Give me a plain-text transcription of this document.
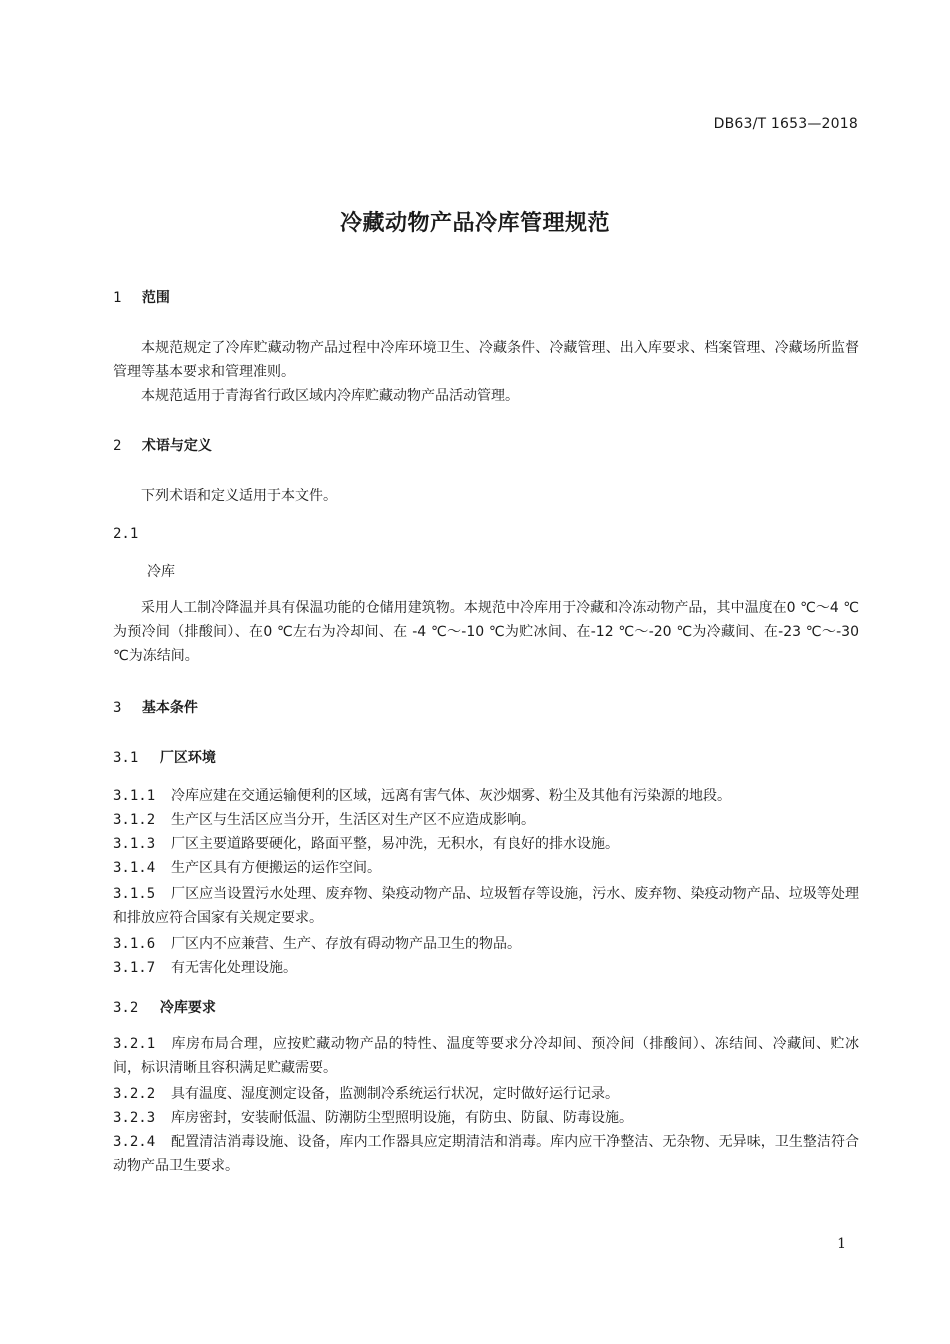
DB63/T 1653—2018
冷藏动物产品冷库管理规范
1 范围
本规范规定了冷库贮藏动物产品过程中冷库环境卫生、冷藏条件、冷藏管理、出入库要求、档案管理、冷藏场所监督管理等基本要求和管理准则。
本规范适用于青海省行政区域内冷库贮藏动物产品活动管理。
2 术语与定义
下列术语和定义适用于本文件。
2.1
冷库
采用人工制冷降温并具有保温功能的仓储用建筑物。本规范中冷库用于冷藏和冷冻动物产品，其中温度在0 ℃～4 ℃为预冷间（排酸间）、在0 ℃左右为冷却间、在 -4 ℃～-10 ℃为贮冰间、在-12 ℃～-20 ℃为冷藏间、在-23 ℃～-30 ℃为冻结间。
3 基本条件
3.1 厂区环境
3.1.1 冷库应建在交通运输便利的区域，远离有害气体、灰沙烟雾、粉尘及其他有污染源的地段。
3.1.2 生产区与生活区应当分开，生活区对生产区不应造成影响。
3.1.3 厂区主要道路要硬化，路面平整，易冲洗，无积水，有良好的排水设施。
3.1.4 生产区具有方便搬运的运作空间。
3.1.5 厂区应当设置污水处理、废弃物、染疫动物产品、垃圾暂存等设施，污水、废弃物、染疫动物产品、垃圾等处理和排放应符合国家有关规定要求。
3.1.6 厂区内不应兼营、生产、存放有碍动物产品卫生的物品。
3.1.7 有无害化处理设施。
3.2 冷库要求
3.2.1 库房布局合理，应按贮藏动物产品的特性、温度等要求分冷却间、预冷间（排酸间）、冻结间、冷藏间、贮冰间，标识清晰且容积满足贮藏需要。
3.2.2 具有温度、湿度测定设备，监测制冷系统运行状况，定时做好运行记录。
3.2.3 库房密封，安装耐低温、防潮防尘型照明设施，有防虫、防鼠、防毒设施。
3.2.4 配置清洁消毒设施、设备，库内工作器具应定期清洁和消毒。库内应干净整洁、无杂物、无异味，卫生整洁符合动物产品卫生要求。
1
